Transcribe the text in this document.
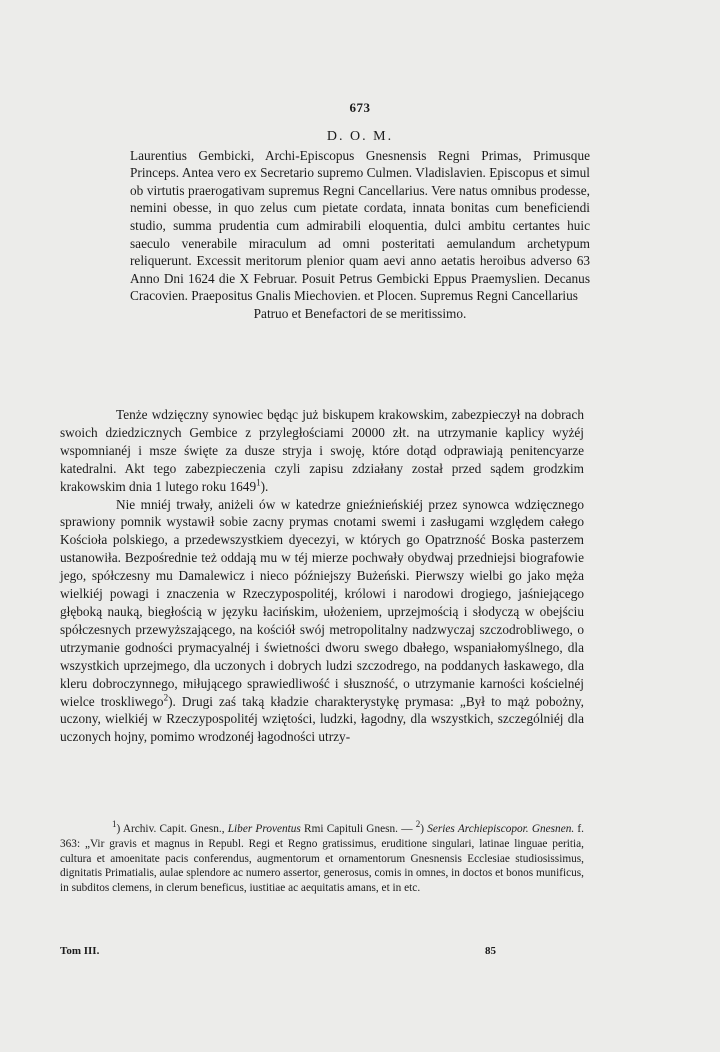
673
D. O. M.
Laurentius Gembicki, Archi-Episcopus Gnesnensis Regni Primas, Primusque Princeps. Antea vero ex Secretario supremo Culmen. Vladislavien. Episcopus et simul ob virtutis praerogativam supremus Regni Cancellarius. Vere natus omnibus prodesse, nemini obesse, in quo zelus cum pietate cordata, innata bonitas cum beneficiendi studio, summa prudentia cum admirabili eloquentia, dulci ambitu certantes huic saeculo venerabile miraculum ad omni posteritati aemulandum archetypum reliquerunt. Excessit meritorum plenior quam aevi anno aetatis heroibus adverso 63 Anno Dni 1624 die X Februar. Posuit Petrus Gembicki Eppus Praemyslien. Decanus Cracovien. Praepositus Gnalis Miechovien. et Plocen. Supremus Regni Cancellarius
Patruo et Benefactori de se meritissimo.

Tenże wdzięczny synowiec będąc już biskupem krakowskim, zabezpieczył na dobrach swoich dziedzicznych Gembice z przyległościami 20000 złt. na utrzymanie kaplicy wyżéj wspomnianéj i msze święte za dusze stryja i swoję, które dotąd odprawiają penitencyarze katedralni. Akt tego zabezpieczenia czyli zapisu zdziałany został przed sądem grodzkim krakowskim dnia 1 lutego roku 1649$^1$).

Nie mniéj trwały, aniżeli ów w katedrze gnieźnieńskiéj przez synowca wdzięcznego sprawiony pomnik wystawił sobie zacny prymas cnotami swemi i zasługami względem całego Kościoła polskiego, a przedewszystkiem dyecezyi, w których go Opatrzność Boska pasterzem ustanowiła. Bezpośrednie też oddają mu w téj mierze pochwały obydwaj przedniejsi biografowie jego, spółczesny mu Damalewicz i nieco późniejszy Bużeński. Pierwszy wielbi go jako męża wielkiéj powagi i znaczenia w Rzeczypospolitéj, królowi i narodowi drogiego, jaśniejącego głęboką nauką, biegłością w języku łacińskim, ułożeniem, uprzejmością i słodyczą w obejściu spółczesnych przewyższającego, na kościół swój metropolitalny nadzwyczaj szczodrobliwego, o utrzymanie godności prymacyalnéj i świetności dworu swego dbałego, wspaniałomyślnego, dla wszystkich uprzejmego, dla uczonych i dobrych ludzi szczodrego, na poddanych łaskawego, dla kleru dobroczynnego, miłującego sprawiedliwość i słuszność, o utrzymanie karności kościelnéj wielce troskliwego$^2$). Drugi zaś taką kładzie charakterystykę prymasa: „Był to mąż pobożny, uczony, wielkiéj w Rzeczypospolitéj wziętości, ludzki, łagodny, dla wszystkich, szczególniéj dla uczonych hojny, pomimo wrodzonéj łagodności utrzy-

$^1$) Archiv. Capit. Gnesn., Liber Proventus Rmi Capituli Gnesn. — $^2$) Series Archiepiscopor. Gnesnen. f. 363: „Vir gravis et magnus in Republ. Regi et Regno gratissimus, eruditione singulari, latinae linguae peritia, cultura et amoenitate pacis conferendus, augmentorum et ornamentorum Gnesnensis Ecclesiae studiosissimus, dignitatis Primatialis, aulae splendore ac numero assertor, generosus, comis in omnes, in doctos et bonos munificus, in subditos clemens, in clerum beneficus, iustitiae ac aequitatis amans, et in etc.

Tom III.	85
